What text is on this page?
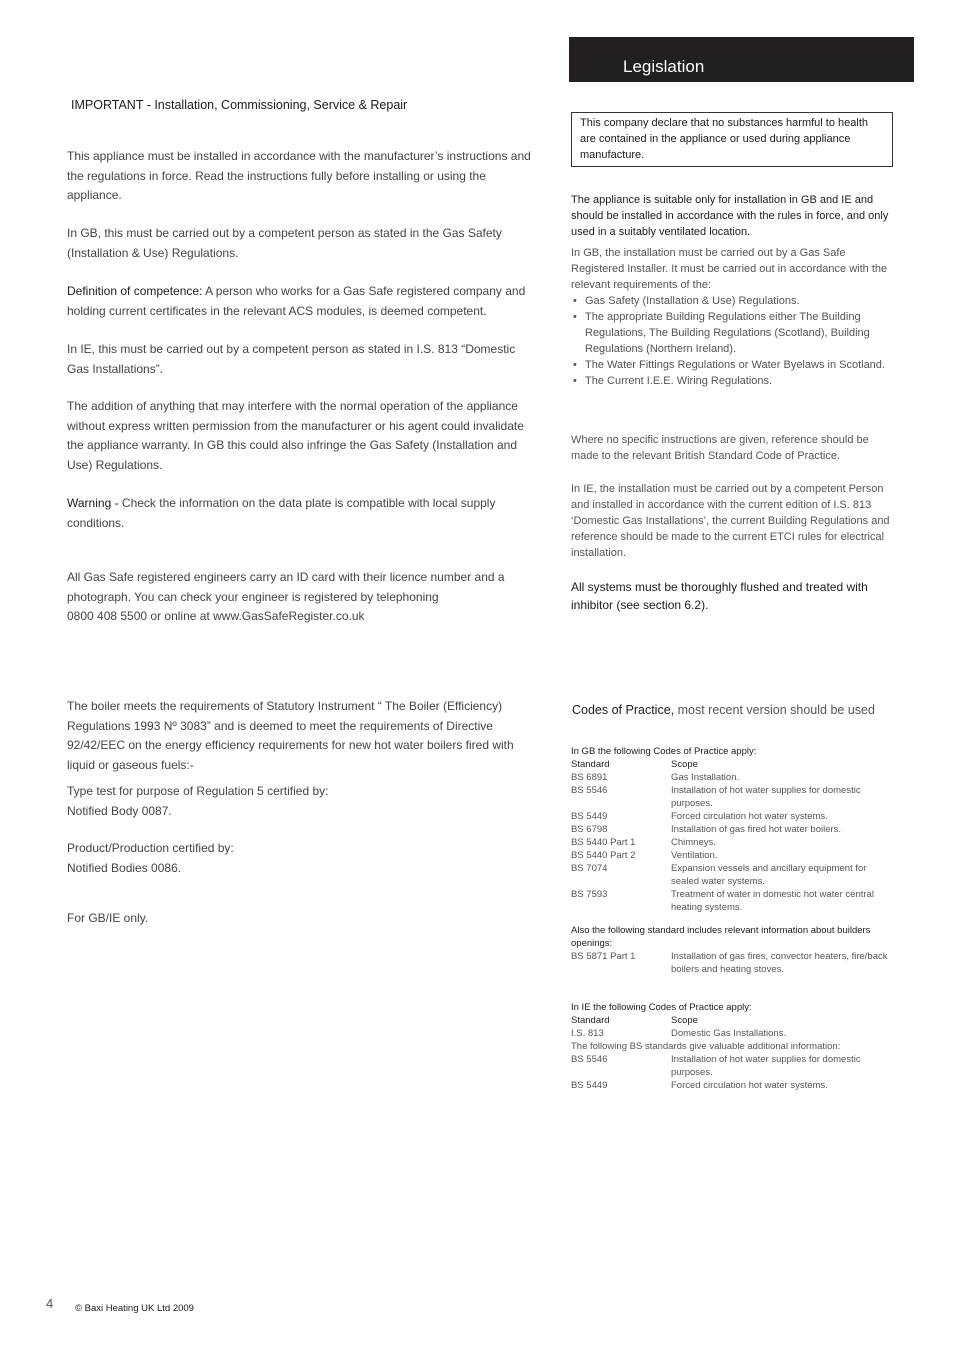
Legislation
IMPORTANT - Installation, Commissioning, Service & Repair

This appliance must be installed in accordance with the manufacturer’s instructions and the regulations in force. Read the instructions fully before installing or using the appliance.

In GB, this must be carried out by a competent person as stated in the Gas Safety (Installation & Use) Regulations.

Definition of competence: A person who works for a Gas Safe registered company and holding current certificates in the relevant ACS modules, is deemed competent.

In IE, this must be carried out by a competent person as stated in I.S. 813 “Domestic Gas Installations”.

The addition of anything that may interfere with the normal operation of the appliance without express written permission from the manufacturer or his agent could invalidate the appliance warranty. In GB this could also infringe the Gas Safety (Installation and Use) Regulations.

Warning - Check the information on the data plate is compatible with local supply conditions.

All Gas Safe registered engineers carry an ID card with their licence number and a photograph. You can check your engineer is registered by telephoning

0800 408 5500 or online at www.GasSafeRegister.co.uk

The boiler meets the requirements of Statutory Instrument “ The Boiler (Efficiency) Regulations 1993 Nº 3083” and is deemed to meet the requirements of Directive 92/42/EEC on the energy efficiency requirements for new hot water boilers fired with liquid or gaseous fuels:-

Type test for purpose of Regulation 5 certified by:

Notified Body 0087.

Product/Production certified by:

Notified Bodies 0086.

For GB/IE only.

This company declare that no substances harmful to health are contained in the appliance or used during appliance manufacture.

The appliance is suitable only for installation in GB and IE and should be installed in accordance with the rules in force, and only used in a suitably ventilated location.

In GB, the installation must be carried out by a Gas Safe Registered Installer. It must be carried out in accordance with the relevant requirements of the:

• Gas Safety (Installation & Use) Regulations.
• The appropriate Building Regulations either The Building Regulations, The Building Regulations (Scotland), Building Regulations (Northern Ireland).
• The Water Fittings Regulations or Water Byelaws in Scotland.
• The Current I.E.E. Wiring Regulations.

Where no specific instructions are given, reference should be made to the relevant British Standard Code of Practice.

In IE, the installation must be carried out by a competent Person and installed in accordance with the current edition of I.S. 813 ‘Domestic Gas Installations’, the current Building Regulations and reference should be made to the current ETCI rules for electrical installation.

All systems must be thoroughly flushed and treated with inhibitor (see section 6.2).

Codes of Practice, most recent version should be used
In GB the following Codes of Practice apply:
Standard	Scope
BS 6891	Gas Installation.
BS 5546	Installation of hot water supplies for domestic purposes.
BS 5449	Forced circulation hot water systems.
BS 6798	Installation of gas fired hot water boilers.
BS 5440 Part 1	Chimneys.
BS 5440 Part 2	Ventilation.
BS 7074	Expansion vessels and ancillary equipment for sealed water systems.
BS 7593	Treatment of water in domestic hot water central heating systems.
Also the following standard includes relevant information about builders openings:
BS 5871 Part 1	Installation of gas fires, convector heaters, fire/back boilers and heating stoves.
In IE the following Codes of Practice apply:
Standard	Scope
I.S. 813	Domestic Gas Installations.
The following BS standards give valuable additional information:
BS 5546	Installation of hot water supplies for domestic purposes.
BS 5449	Forced circulation hot water systems.
4 © Baxi Heating UK Ltd 2009
